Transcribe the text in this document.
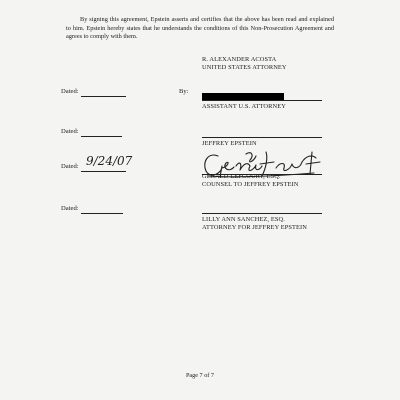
By signing this agreement, Epstein asserts and certifies that the above has been read and explained to him. Epstein hereby states that he understands the conditions of this Non-Prosecution Agreement and agrees to comply with them.

R. ALEXANDER ACOSTA
UNITED STATES ATTORNEY
Dated:	By:
ASSISTANT U.S. ATTORNEY
Dated:
JEFFREY EPSTEIN
Dated: 9/24/07
GERALD LEFCOURT, ESQ.
COUNSEL TO JEFFREY EPSTEIN
Dated:
LILLY ANN SANCHEZ, ESQ.
ATTORNEY FOR JEFFREY EPSTEIN
Page 7 of 7
